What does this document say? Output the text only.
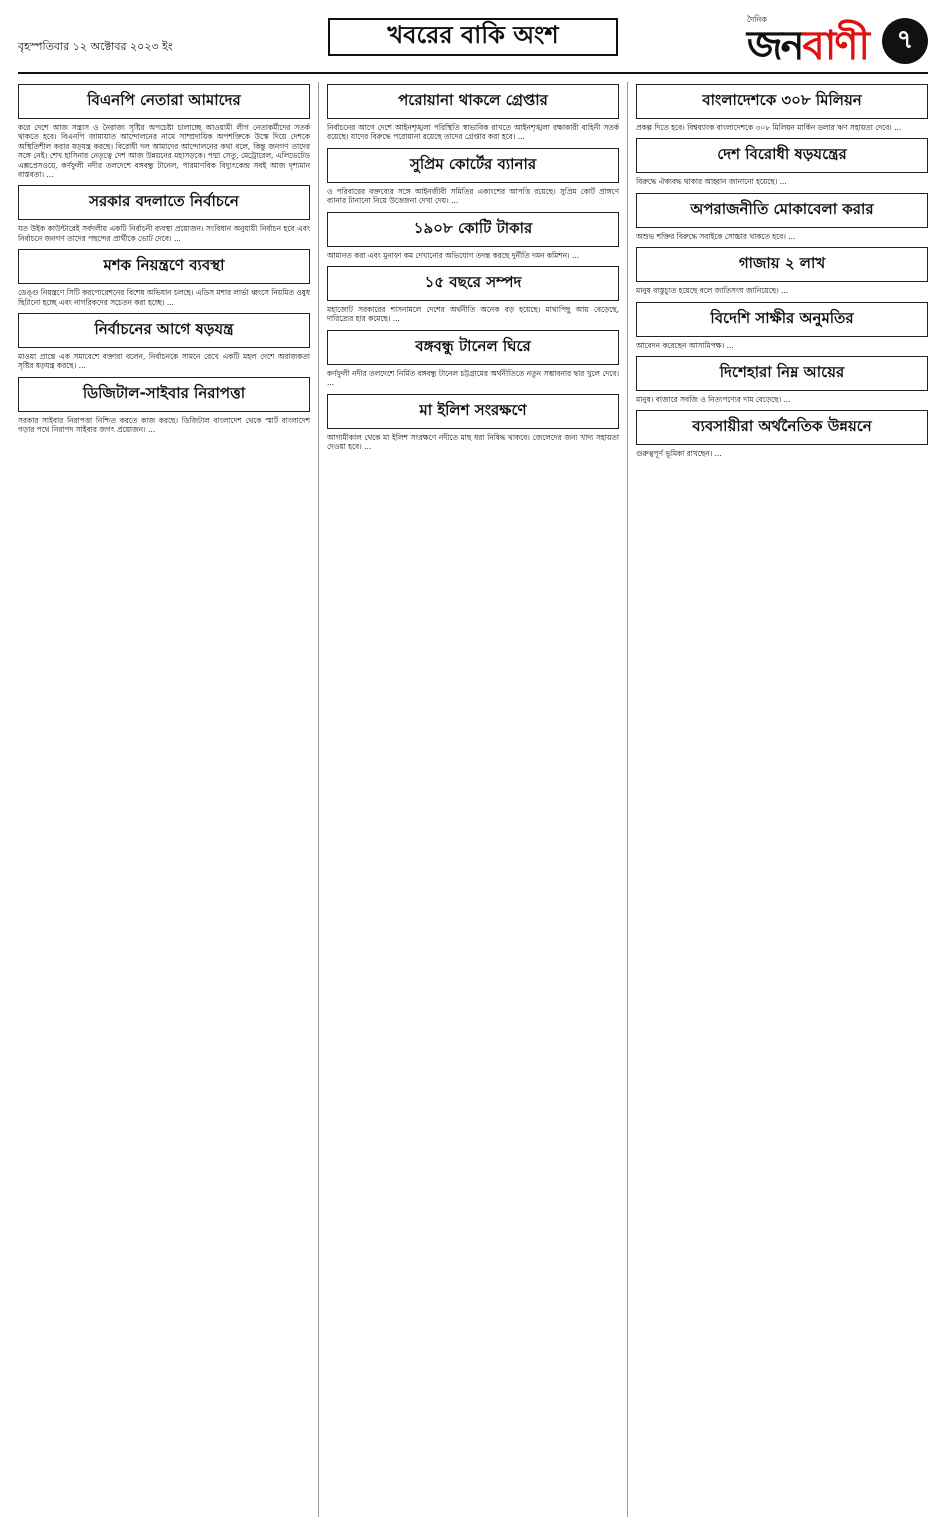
বৃহস্পতিবার ১২ অক্টোবর ২০২৩ ইং	খবরের বাকি অংশ
দৈনিক
জনবাণী	৭
বিএনপি নেতারা আমাদের
করে দেশে আজ সন্ত্রাস ও নৈরাজ্য সৃষ্টির অপচেষ্টা চালাচ্ছে আওয়ামী লীগ নেতাকর্মীদের সতর্ক থাকতে হবে। বিএনপি জামায়াত আন্দোলনের নামে সাম্প্রদায়িক অপশক্তিকে উস্কে দিয়ে দেশকে অস্থিতিশীল করার ষড়যন্ত্র করছে। বিরোধী দল আমাদের আন্দোলনের কথা বলে, কিন্তু জনগণ তাদের সঙ্গে নেই। শেখ হাসিনার নেতৃত্বে দেশ আজ উন্নয়নের মহাসড়কে। পদ্মা সেতু, মেট্রোরেল, এলিভেটেড এক্সপ্রেসওয়ে, কর্ণফুলী নদীর তলদেশে বঙ্গবন্ধু টানেল, পারমাণবিক বিদ্যুৎকেন্দ্র সবই আজ দৃশ্যমান বাস্তবতা। ...
সরকার বদলাতে নির্বাচনে
যত উইক কাউন্টারেই সর্বদলীয় একটি নির্বাচনী ব্যবস্থা প্রয়োজন। সংবিধান অনুযায়ী নির্বাচন হবে এবং নির্বাচনে জনগণ তাদের পছন্দের প্রার্থীকে ভোট দেবে। ...
মশক নিয়ন্ত্রণে ব্যবস্থা
ডেঙ্গু নিয়ন্ত্রণে সিটি করপোরেশনের বিশেষ অভিযান চলছে। এডিস মশার লার্ভা ধ্বংসে নিয়মিত ওষুধ ছিটানো হচ্ছে এবং নাগরিকদের সচেতন করা হচ্ছে। ...
নির্বাচনের আগে ষড়যন্ত্র
মাওয়া প্রান্তে এক সমাবেশে বক্তারা বলেন, নির্বাচনকে সামনে রেখে একটি মহল দেশে অরাজকতা সৃষ্টির ষড়যন্ত্র করছে। ...
ডিজিটাল-সাইবার নিরাপত্তা
সরকার সাইবার নিরাপত্তা নিশ্চিত করতে কাজ করছে। ডিজিটাল বাংলাদেশ থেকে স্মার্ট বাংলাদেশ গড়ার পথে নিরাপদ সাইবার জগৎ প্রয়োজন। ...
পরোয়ানা থাকলে গ্রেপ্তার
নির্বাচনের আগে দেশে আইনশৃঙ্খলা পরিস্থিতি স্বাভাবিক রাখতে আইনশৃঙ্খলা রক্ষাকারী বাহিনী সতর্ক রয়েছে। যাদের বিরুদ্ধে পরোয়ানা রয়েছে তাদের গ্রেপ্তার করা হবে। ...
সুপ্রিম কোর্টের ব্যানার
ও পরিবারের বক্তব্যের সঙ্গে আইনজীবী সমিতির একাংশের আপত্তি রয়েছে। সুপ্রিম কোর্ট প্রাঙ্গণে ব্যানার টানানো নিয়ে উত্তেজনা দেখা দেয়। ...
১৯০৮ কোটি টাকার
আমানত করা এবং মুনাফা কম দেখানোর অভিযোগ তদন্ত করছে দুর্নীতি দমন কমিশন। ...
১৫ বছরে সম্পদ
মহাজোট সরকারের শাসনামলে দেশের অর্থনীতি অনেক বড় হয়েছে। মাথাপিছু আয় বেড়েছে, দারিদ্র্যের হার কমেছে। ...
বঙ্গবন্ধু টানেল ঘিরে
কর্ণফুলী নদীর তলদেশে নির্মিত বঙ্গবন্ধু টানেল চট্টগ্রামের অর্থনীতিতে নতুন সম্ভাবনার দ্বার খুলে দেবে। ...
মা ইলিশ সংরক্ষণে
আগামীকাল থেকে মা ইলিশ সংরক্ষণে নদীতে মাছ ধরা নিষিদ্ধ থাকবে। জেলেদের জন্য খাদ্য সহায়তা দেওয়া হবে। ...
বাংলাদেশকে ৩০৮ মিলিয়ন
প্রকল্প দিতে হবে। বিশ্বব্যাংক বাংলাদেশকে ৩০৮ মিলিয়ন মার্কিন ডলার ঋণ সহায়তা দেবে। ...
দেশ বিরোধী ষড়যন্ত্রের
বিরুদ্ধে ঐক্যবদ্ধ থাকার আহ্বান জানানো হয়েছে। ...
অপরাজনীতি মোকাবেলা করার
অশুভ শক্তির বিরুদ্ধে সবাইকে সোচ্চার থাকতে হবে। ...
গাজায় ২ লাখ
মানুষ বাস্তুচ্যুত হয়েছে বলে জাতিসংঘ জানিয়েছে। ...
বিদেশি সাক্ষীর অনুমতির
আবেদন করেছেন আসামিপক্ষ। ...
দিশেহারা নিম্ন আয়ের
মানুষ। বাজারে সবজি ও নিত্যপণ্যের দাম বেড়েছে। ...
ব্যবসায়ীরা অর্থনৈতিক উন্নয়নে
গুরুত্বপূর্ণ ভূমিকা রাখছেন। ...
